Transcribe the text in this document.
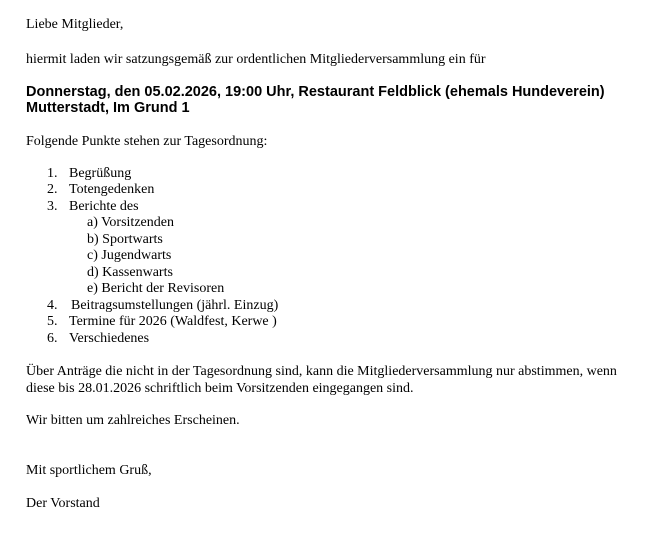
Liebe Mitglieder,
hiermit laden wir satzungsgemäß zur ordentlichen Mitgliederversammlung ein für
Donnerstag, den 05.02.2026, 19:00 Uhr, Restaurant Feldblick (ehemals Hundeverein)
Mutterstadt, Im Grund 1
Folgende Punkte stehen zur Tagesordnung:
1. Begrüßung
2. Totengedenken
3. Berichte des
a) Vorsitzenden
b) Sportwarts
c) Jugendwarts
d) Kassenwarts
e) Bericht der Revisoren
4. Beitragsumstellungen (jährl. Einzug)
5. Termine für 2026 (Waldfest, Kerwe )
6. Verschiedenes
Über Anträge die nicht in der Tagesordnung sind, kann die Mitgliederversammlung nur abstimmen, wenn diese bis 28.01.2026 schriftlich beim Vorsitzenden eingegangen sind.
Wir bitten um zahlreiches Erscheinen.
Mit sportlichem Gruß,
Der Vorstand
